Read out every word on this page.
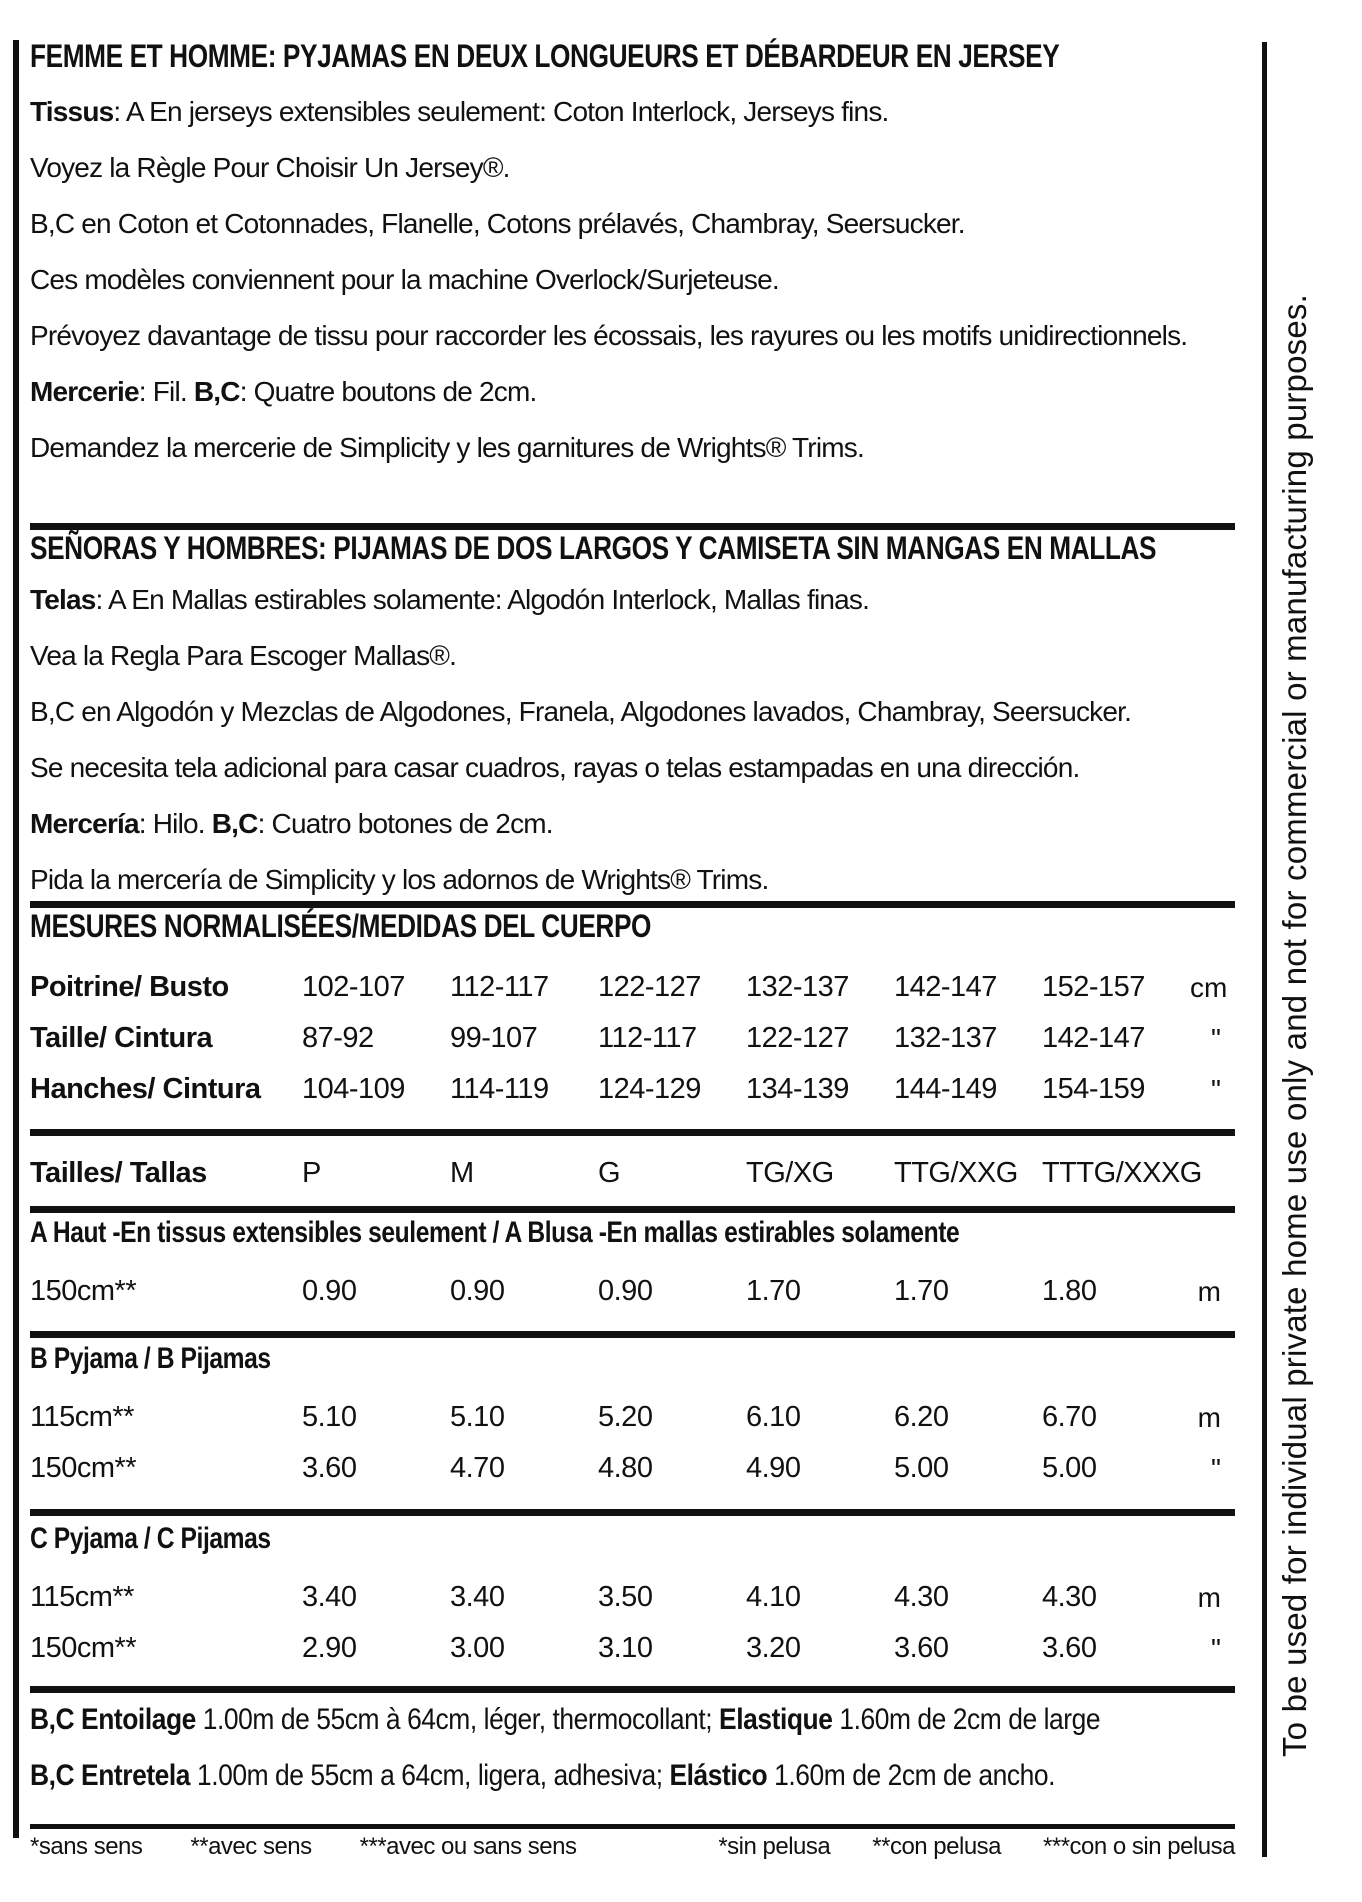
FEMME ET HOMME: PYJAMAS EN DEUX LONGUEURS ET DÉBARDEUR EN JERSEY
Tissus: A En jerseys extensibles seulement: Coton Interlock, Jerseys fins.
Voyez la Règle Pour Choisir Un Jersey®.
B,C en Coton et Cotonnades, Flanelle, Cotons prélavés, Chambray, Seersucker.
Ces modèles conviennent pour la machine Overlock/Surjeteuse.
Prévoyez davantage de tissu pour raccorder les écossais, les rayures ou les motifs unidirectionnels.
Mercerie: Fil. B,C: Quatre boutons de 2cm.
Demandez la mercerie de Simplicity y les garnitures de Wrights® Trims.
SEÑORAS Y HOMBRES: PIJAMAS DE DOS LARGOS Y CAMISETA SIN MANGAS EN MALLAS
Telas: A En Mallas estirables solamente: Algodón Interlock, Mallas finas.
Vea la Regla Para Escoger Mallas®.
B,C en Algodón y Mezclas de Algodones, Franela, Algodones lavados, Chambray, Seersucker.
Se necesita tela adicional para casar cuadros, rayas o telas estampadas en una dirección.
Mercería: Hilo. B,C: Cuatro botones de 2cm.
Pida la mercería de Simplicity y los adornos de Wrights® Trims.
MESURES NORMALISÉES/MEDIDAS DEL CUERPO
Poitrine/ Busto	102-107	112-117	122-127	132-137	142-147	152-157	cm
Taille/ Cintura	87-92	99-107	112-117	122-127	132-137	142-147	"
Hanches/ Cintura	104-109	114-119	124-129	134-139	144-149	154-159	"
Tailles/ Tallas	P	M	G	TG/XG	TTG/XXG TTTG/XXXG
A Haut -En tissus extensibles seulement / A Blusa -En mallas estirables solamente
150cm**	0.90	0.90	0.90	1.70	1.70	1.80	m
B Pyjama / B Pijamas
115cm**	5.10	5.10	5.20	6.10	6.20	6.70	m
150cm**	3.60	4.70	4.80	4.90	5.00	5.00	"
C Pyjama / C Pijamas
115cm**	3.40	3.40	3.50	4.10	4.30	4.30	m
150cm**	2.90	3.00	3.10	3.20	3.60	3.60	"
B,C Entoilage 1.00m de 55cm à 64cm, léger, thermocollant; Elastique 1.60m de 2cm de large
B,C Entretela 1.00m de 55cm a 64cm, ligera, adhesiva; Elástico 1.60m de 2cm de ancho.
*sans sens **avec sens ***avec ou sans sens	*sin pelusa **con pelusa ***con o sin pelusa
To be used for individual private home use only and not for commercial or manufacturing purposes.
